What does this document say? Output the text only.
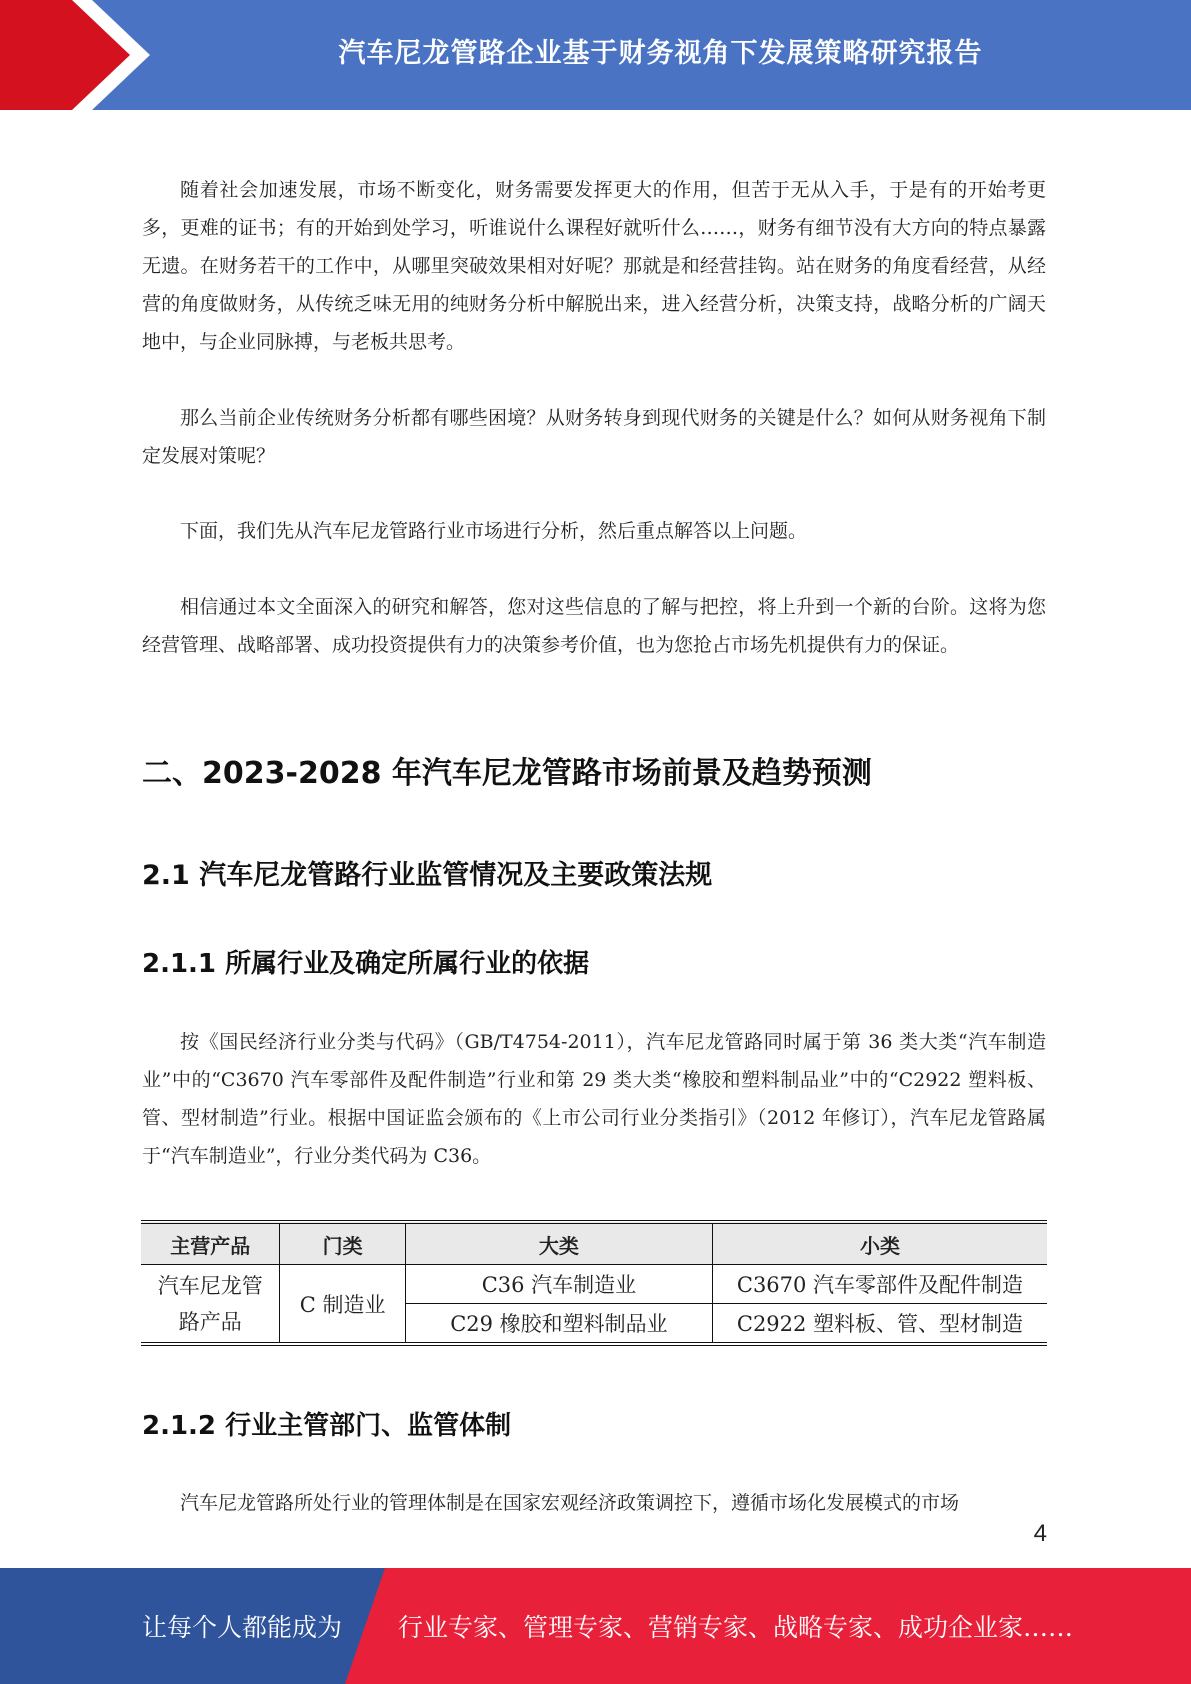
汽车尼龙管路企业基于财务视角下发展策略研究报告

随着社会加速发展，市场不断变化，财务需要发挥更大的作用，但苦于无从入手，于是有的开始考更多，更难的证书；有的开始到处学习，听谁说什么课程好就听什么……，财务有细节没有大方向的特点暴露无遗。在财务若干的工作中，从哪里突破效果相对好呢？那就是和经营挂钩。站在财务的角度看经营，从经营的角度做财务，从传统乏味无用的纯财务分析中解脱出来，进入经营分析，决策支持，战略分析的广阔天地中，与企业同脉搏，与老板共思考。

那么当前企业传统财务分析都有哪些困境？从财务转身到现代财务的关键是什么？如何从财务视角下制定发展对策呢？

下面，我们先从汽车尼龙管路行业市场进行分析，然后重点解答以上问题。

相信通过本文全面深入的研究和解答，您对这些信息的了解与把控，将上升到一个新的台阶。这将为您经营管理、战略部署、成功投资提供有力的决策参考价值，也为您抢占市场先机提供有力的保证。

二、2023-2028 年汽车尼龙管路市场前景及趋势预测
2.1 汽车尼龙管路行业监管情况及主要政策法规
2.1.1 所属行业及确定所属行业的依据

按《国民经济行业分类与代码》（GB/T4754-2011），汽车尼龙管路同时属于第 36 类大类“汽车制造业”中的“C3670 汽车零部件及配件制造”行业和第 29 类大类“橡胶和塑料制品业”中的“C2922 塑料板、管、型材制造”行业。根据中国证监会颁布的《上市公司行业分类指引》（2012 年修订），汽车尼龙管路属于“汽车制造业”，行业分类代码为 C36。

主营产品	门类	大类	小类
汽车尼龙管路产品	C 制造业	C36 汽车制造业	C3670 汽车零部件及配件制造
		C29 橡胶和塑料制品业	C2922 塑料板、管、型材制造
2.1.2 行业主管部门、监管体制

汽车尼龙管路所处行业的管理体制是在国家宏观经济政策调控下，遵循市场化发展模式的市场

4
让每个人都能成为 行业专家、管理专家、营销专家、战略专家、成功企业家……
